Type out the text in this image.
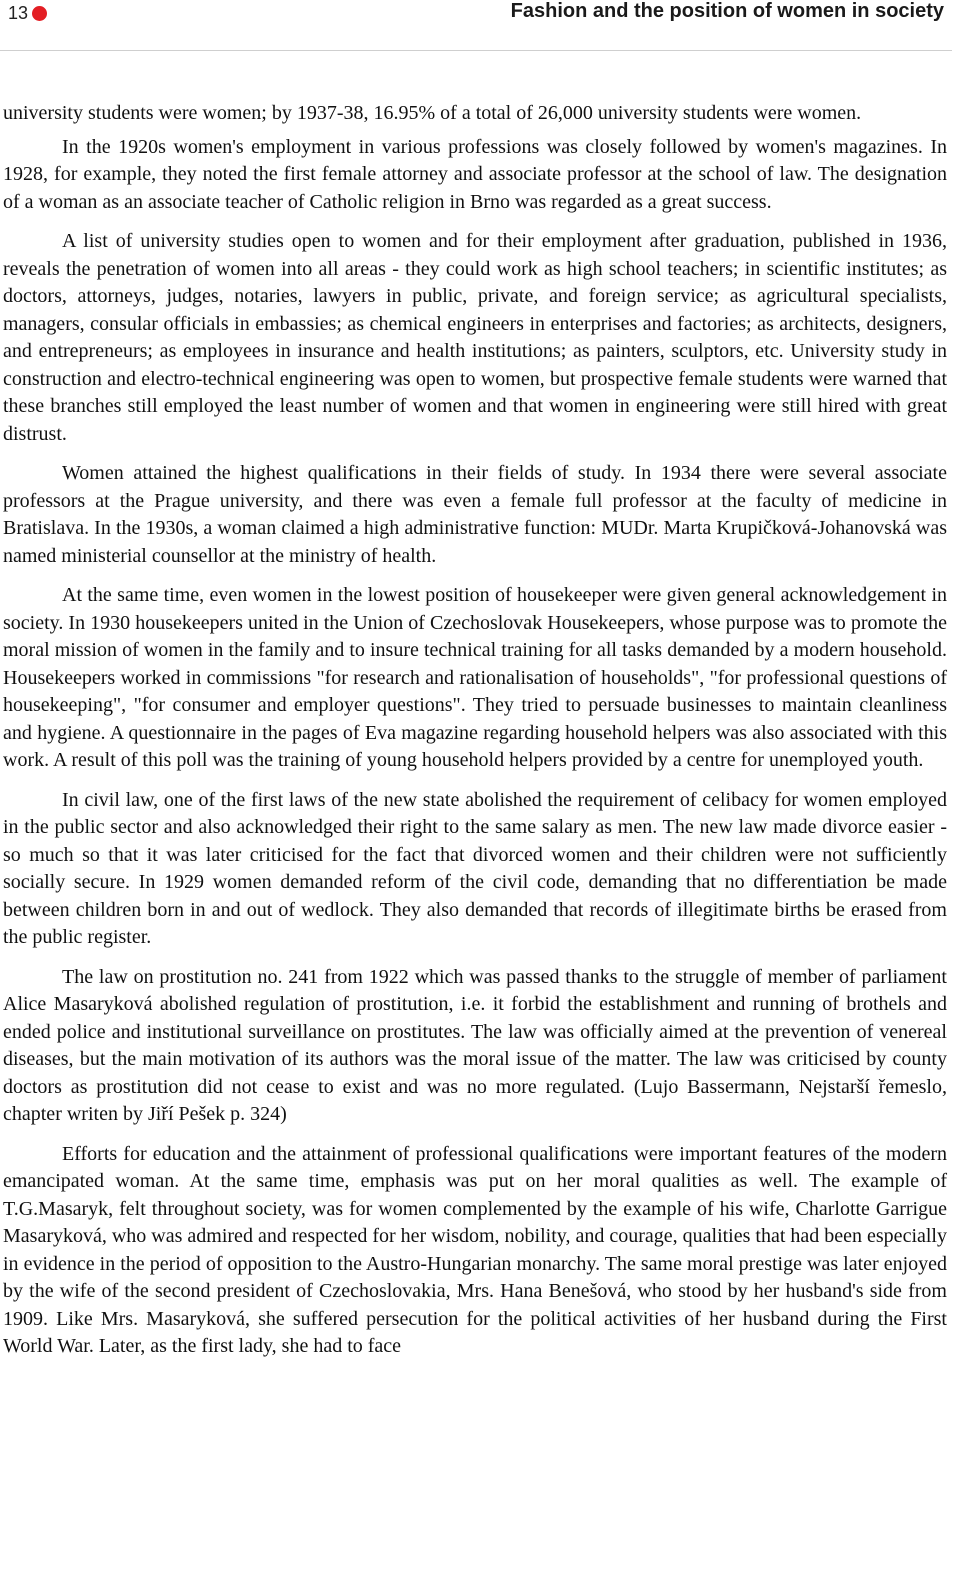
13	Fashion and the position of women in society

university students were women; by 1937-38, 16.95% of a total of 26,000 university students were women.

In the 1920s women's employment in various professions was closely followed by women's magazines. In 1928, for example, they noted the first female attorney and associate professor at the school of law. The designation of a woman as an associate teacher of Catholic religion in Brno was regarded as a great success.

A list of university studies open to women and for their employment after graduation, published in 1936, reveals the penetration of women into all areas - they could work as high school teachers; in scientific institutes; as doctors, attorneys, judges, notaries, lawyers in public, private, and foreign service; as agricultural specialists, managers, consular officials in embassies; as chemical engineers in enterprises and factories; as architects, designers, and entrepreneurs; as employees in insurance and health institutions; as painters, sculptors, etc. University study in construction and electro-technical engineering was open to women, but prospective female students were warned that these branches still employed the least number of women and that women in engineering were still hired with great distrust.

Women attained the highest qualifications in their fields of study. In 1934 there were several associate professors at the Prague university, and there was even a female full professor at the faculty of medicine in Bratislava. In the 1930s, a woman claimed a high administrative function: MUDr. Marta Krupičková-Johanovská was named ministerial counsellor at the ministry of health.

At the same time, even women in the lowest position of housekeeper were given general acknowledgement in society. In 1930 housekeepers united in the Union of Czechoslovak Housekeepers, whose purpose was to promote the moral mission of women in the family and to insure technical training for all tasks demanded by a modern household. Housekeepers worked in commissions "for research and rationalisation of households", "for professional questions of housekeeping", "for consumer and employer questions". They tried to persuade businesses to maintain cleanliness and hygiene. A questionnaire in the pages of Eva magazine regarding household helpers was also associated with this work. A result of this poll was the training of young household helpers provided by a centre for unemployed youth.

In civil law, one of the first laws of the new state abolished the requirement of celibacy for women employed in the public sector and also acknowledged their right to the same salary as men. The new law made divorce easier - so much so that it was later criticised for the fact that divorced women and their children were not sufficiently socially secure. In 1929 women demanded reform of the civil code, demanding that no differentiation be made between children born in and out of wedlock. They also demanded that records of illegitimate births be erased from the public register.

The law on prostitution no. 241 from 1922 which was passed thanks to the struggle of member of parliament Alice Masaryková abolished regulation of prostitution, i.e. it forbid the establishment and running of brothels and ended police and institutional surveillance on prostitutes. The law was officially aimed at the prevention of venereal diseases, but the main motivation of its authors was the moral issue of the matter. The law was criticised by county doctors as prostitution did not cease to exist and was no more regulated. (Lujo Bassermann, Nejstarší řemeslo, chapter writen by Jiří Pešek p. 324)

Efforts for education and the attainment of professional qualifications were important features of the modern emancipated woman. At the same time, emphasis was put on her moral qualities as well. The example of T.G.Masaryk, felt throughout society, was for women complemented by the example of his wife, Charlotte Garrigue Masaryková, who was admired and respected for her wisdom, nobility, and courage, qualities that had been especially in evidence in the period of opposition to the Austro-Hungarian monarchy. The same moral prestige was later enjoyed by the wife of the second president of Czechoslovakia, Mrs. Hana Benešová, who stood by her husband's side from 1909. Like Mrs. Masaryková, she suffered persecution for the political activities of her husband during the First World War. Later, as the first lady, she had to face
